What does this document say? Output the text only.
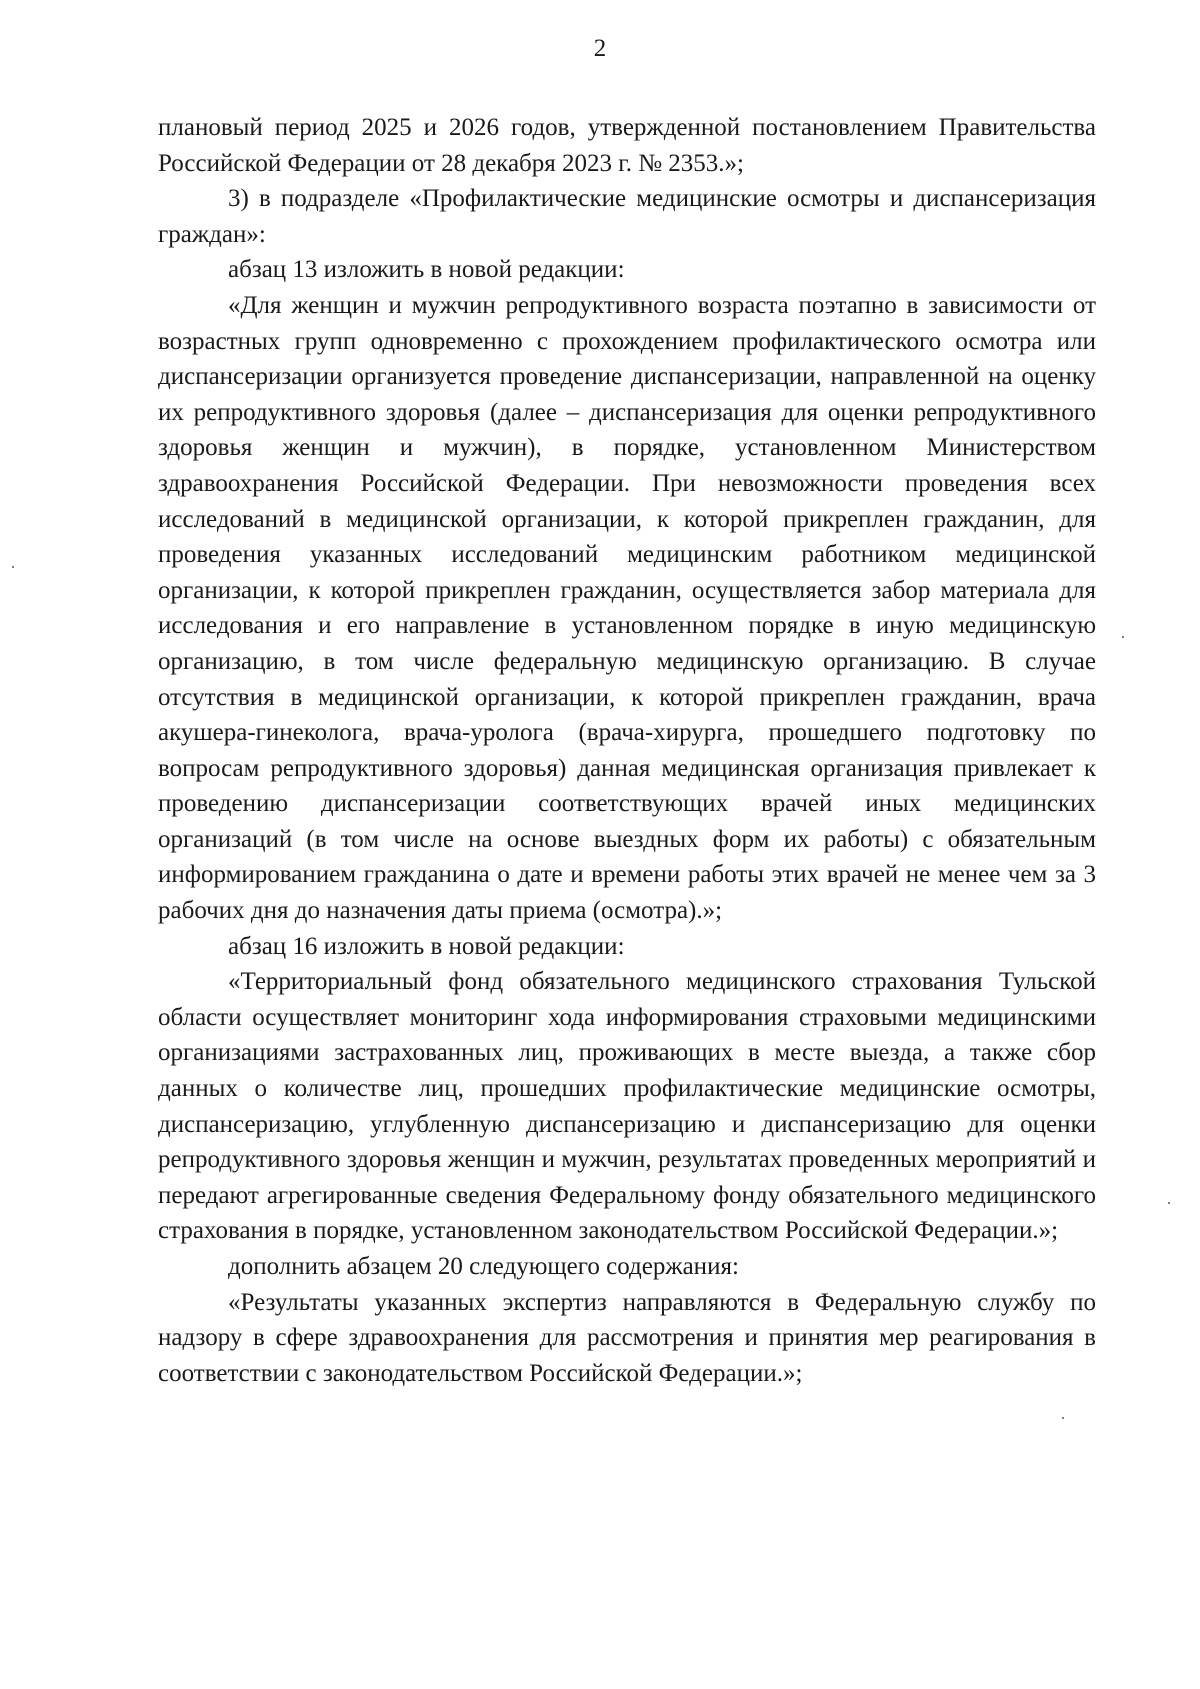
2

плановый период 2025 и 2026 годов, утвержденной постановлением Правительства Российской Федерации от 28 декабря 2023 г. № 2353.»;

3) в подразделе «Профилактические медицинские осмотры и диспансеризация граждан»:

абзац 13 изложить в новой редакции:

«Для женщин и мужчин репродуктивного возраста поэтапно в зависимости от возрастных групп одновременно с прохождением профилактического осмотра или диспансеризации организуется проведение диспансеризации, направленной на оценку их репродуктивного здоровья (далее – диспансеризация для оценки репродуктивного здоровья женщин и мужчин), в порядке, установленном Министерством здравоохранения Российской Федерации. При невозможности проведения всех исследований в медицинской организации, к которой прикреплен гражданин, для проведения указанных исследований медицинским работником медицинской организации, к которой прикреплен гражданин, осуществляется забор материала для исследования и его направление в установленном порядке в иную медицинскую организацию, в том числе федеральную медицинскую организацию. В случае отсутствия в медицинской организации, к которой прикреплен гражданин, врача акушера-гинеколога, врача-уролога (врача-хирурга, прошедшего подготовку по вопросам репродуктивного здоровья) данная медицинская организация привлекает к проведению диспансеризации соответствующих врачей иных медицинских организаций (в том числе на основе выездных форм их работы) с обязательным информированием гражданина о дате и времени работы этих врачей не менее чем за 3 рабочих дня до назначения даты приема (осмотра).»;

абзац 16 изложить в новой редакции:

«Территориальный фонд обязательного медицинского страхования Тульской области осуществляет мониторинг хода информирования страховыми медицинскими организациями застрахованных лиц, проживающих в месте выезда, а также сбор данных о количестве лиц, прошедших профилактические медицинские осмотры, диспансеризацию, углубленную диспансеризацию и диспансеризацию для оценки репродуктивного здоровья женщин и мужчин, результатах проведенных мероприятий и передают агрегированные сведения Федеральному фонду обязательного медицинского страхования в порядке, установленном законодательством Российской Федерации.»;

дополнить абзацем 20 следующего содержания:

«Результаты указанных экспертиз направляются в Федеральную службу по надзору в сфере здравоохранения для рассмотрения и принятия мер реагирования в соответствии с законодательством Российской Федерации.»;
